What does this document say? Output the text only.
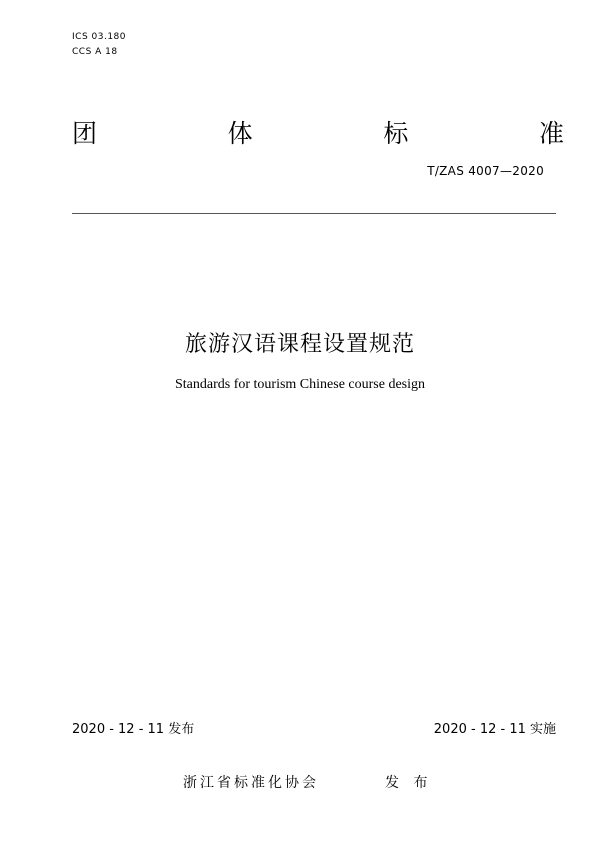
ICS 03.180
CCS A 18
团	体	标	准
T/ZAS 4007—2020
旅游汉语课程设置规范
Standards for tourism Chinese course design
2020 - 12 - 11 发布	2020 - 12 - 11 实施
浙江省标准化协会	发 布
